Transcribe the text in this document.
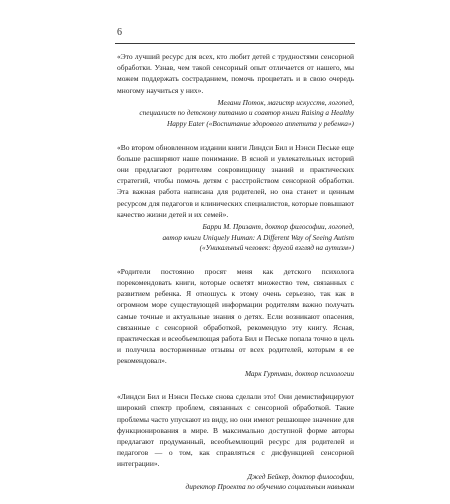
6

«Это лучший ресурс для всех, кто любит детей с трудностями сенсорной обработки. Узнав, чем такой сенсорный опыт отличается от нашего, мы можем поддержать состраданием, помочь процветать и в свою очередь многому научиться у них».

Мелани Поток, магистр искусств, логопед,
специалист по детскому питанию и соавтор книги Raising a Healthy
Happy Eater («Воспитание здорового аппетита у ребенка»)

«Во втором обновленном издании книги Линдси Бил и Нэнси Пеське еще больше расширяют наше понимание. В ясной и увлекательных историй они предлагают родителям сокровищницу знаний и практических стратегий, чтобы помочь детям с расстройством сенсорной обработки. Эта важная работа написана для родителей, но она станет и ценным ресурсом для педагогов и клинических специалистов, которые повышают качество жизни детей и их семей».

Барри М. Призант, доктор философии, логопед,
автор книги Uniquely Human: A Different Way of Seeing Autism
(«Уникальный человек: другой взгляд на аутизм»)

«Родители постоянно просят меня как детского психолога порекомендовать книги, которые осветят множество тем, связанных с развитием ребенка. Я отношусь к этому очень серьезно, так как в огромном море существующей информации родителям важно получать самые точные и актуальные знания о детях. Если возникают опасения, связанные с сенсорной обработкой, рекомендую эту книгу. Ясная, практическая и всеобъемлющая работа Бил и Пеське попала точно в цель и получила восторженные отзывы от всех родителей, которым я ее рекомендовал».

Марк Гуртман, доктор психологии

«Линдси Бил и Нэнси Пеське снова сделали это! Они демистифицируют широкий спектр проблем, связанных с сенсорной обработкой. Такие проблемы часто упускают из виду, но они имеют решающее значение для функционирования в мире. В максимально доступной форме авторы предлагают продуманный, всеобъемлющий ресурс для родителей и педагогов — о том, как справляться с дисфункцией сенсорной интеграции».

Джед Бейкер, доктор философии,
директор Проекта по обучению социальным навыкам
